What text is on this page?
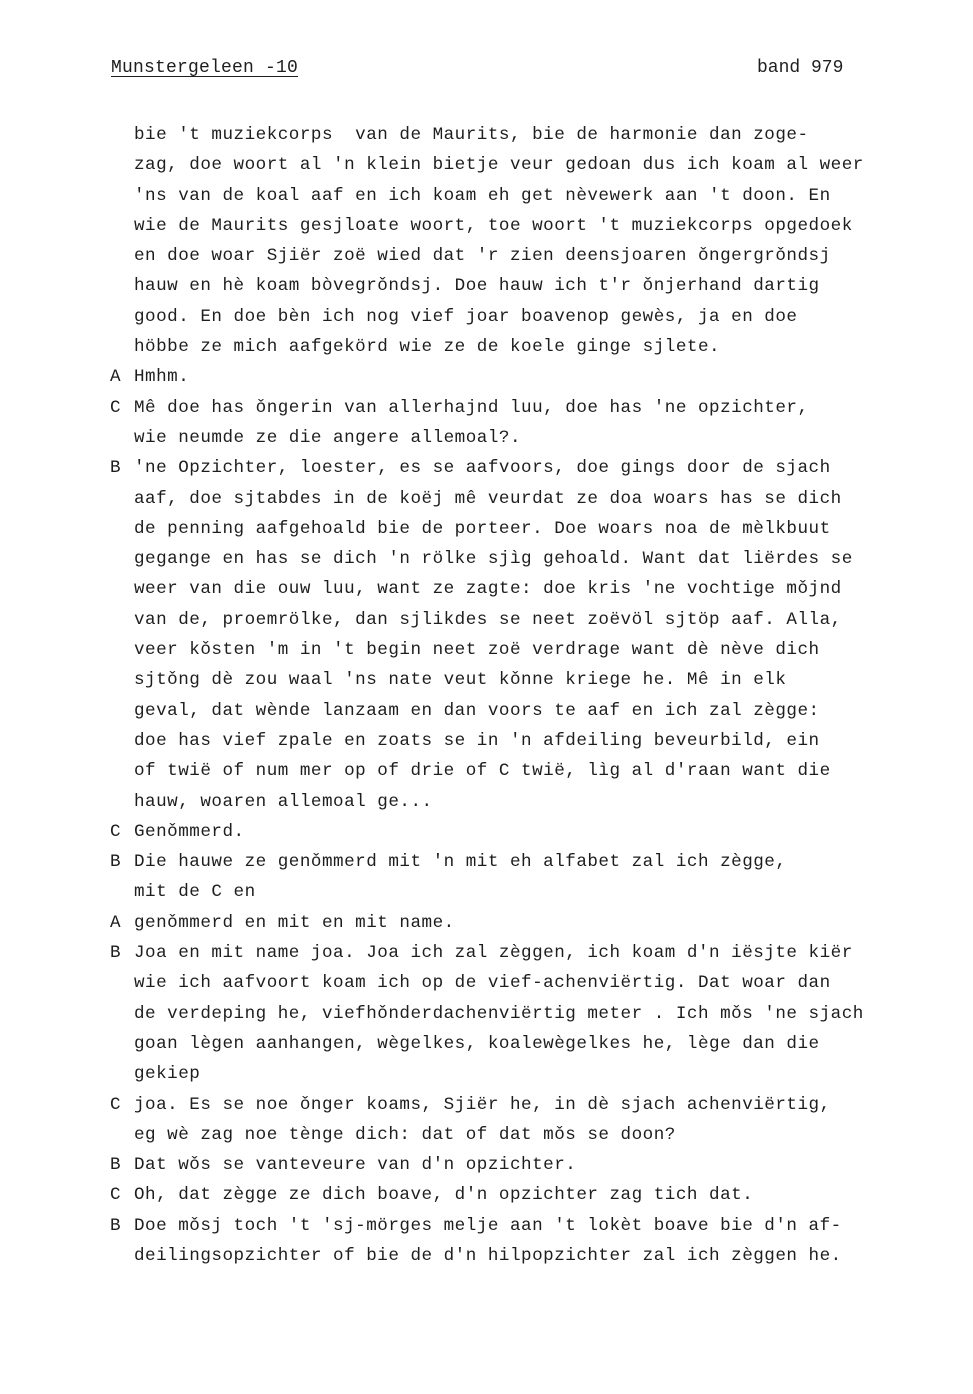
Munstergeleen -10	band 979
bie 't muziekcorps  van de Maurits, bie de harmonie dan zoge-
zag, doe woort al 'n klein bietje veur gedoan dus ich koam al weer
'ns van de koal aaf en ich koam eh get nèvewerk aan 't doon. En
wie de Maurits gesjloate woort, toe woort 't muziekcorps opgedoek
en doe woar Sjiër zoë wied dat 'r zien deensjoaren ǒngergrǒndsj
hauw en hè koam bòvegrǒndsj. Doe hauw ich t'r ǒnjerhand dartig
good. En doe bèn ich nog vief joar boavenop gewès, ja en doe
höbbe ze mich aafgekörd wie ze de koele ginge sjlete.
A Hmhm.
C Mê doe has ǒngerin van allerhajnd luu, doe has 'ne opzichter,
wie neumde ze die angere allemoal?.
B 'ne Opzichter, loester, es se aafvoors, doe gings door de sjach
aaf, doe sjtabdes in de koëj mê veurdat ze doa woars has se dich
de penning aafgehoald bie de porteer. Doe woars noa de mèlkbuut
gegange en has se dich 'n rölke sjìg gehoald. Want dat liërdes se
weer van die ouw luu, want ze zagte: doe kris 'ne vochtige mǒjnd
van de, proemrölke, dan sjlikdes se neet zoëvöl sjtöp aaf. Alla,
veer kǒsten 'm in 't begin neet zoë verdrage want dè nève dich
sjtǒng dè zou waal 'ns nate veut kǒnne kriege he. Mê in elk
geval, dat wènde lanzaam en dan voors te aaf en ich zal zègge:
doe has vief zpale en zoats se in 'n afdeiling beveurbild, ein
of twië of num mer op of drie of C twië, lìg al d'raan want die
hauw, woaren allemoal ge...
C Genǒmmerd.
B Die hauwe ze genǒmmerd mit 'n mit eh alfabet zal ich zègge,
mit de C en
A genǒmmerd en mit en mit name.
B Joa en mit name joa. Joa ich zal zèggen, ich koam d'n iësjte kiër
wie ich aafvoort koam ich op de vief-achenviërtig. Dat woar dan
de verdeping he, viefhǒnderdachenviërtig meter . Ich mǒs 'ne sjach
goan lègen aanhangen, wègelkes, koalewègelkes he, lège dan die
gekiep
C joa. Es se noe ǒnger koams, Sjiër he, in dè sjach achenviërtig,
eg wè zag noe tènge dich: dat of dat mǒs se doon?
B Dat wǒs se vanteveure van d'n opzichter.
C Oh, dat zègge ze dich boave, d'n opzichter zag tich dat.
B Doe mǒsj toch 't 'sj-mörges melje aan 't lokèt boave bie d'n af-
deilingsopzichter of bie de d'n hilpopzichter zal ich zèggen he.
